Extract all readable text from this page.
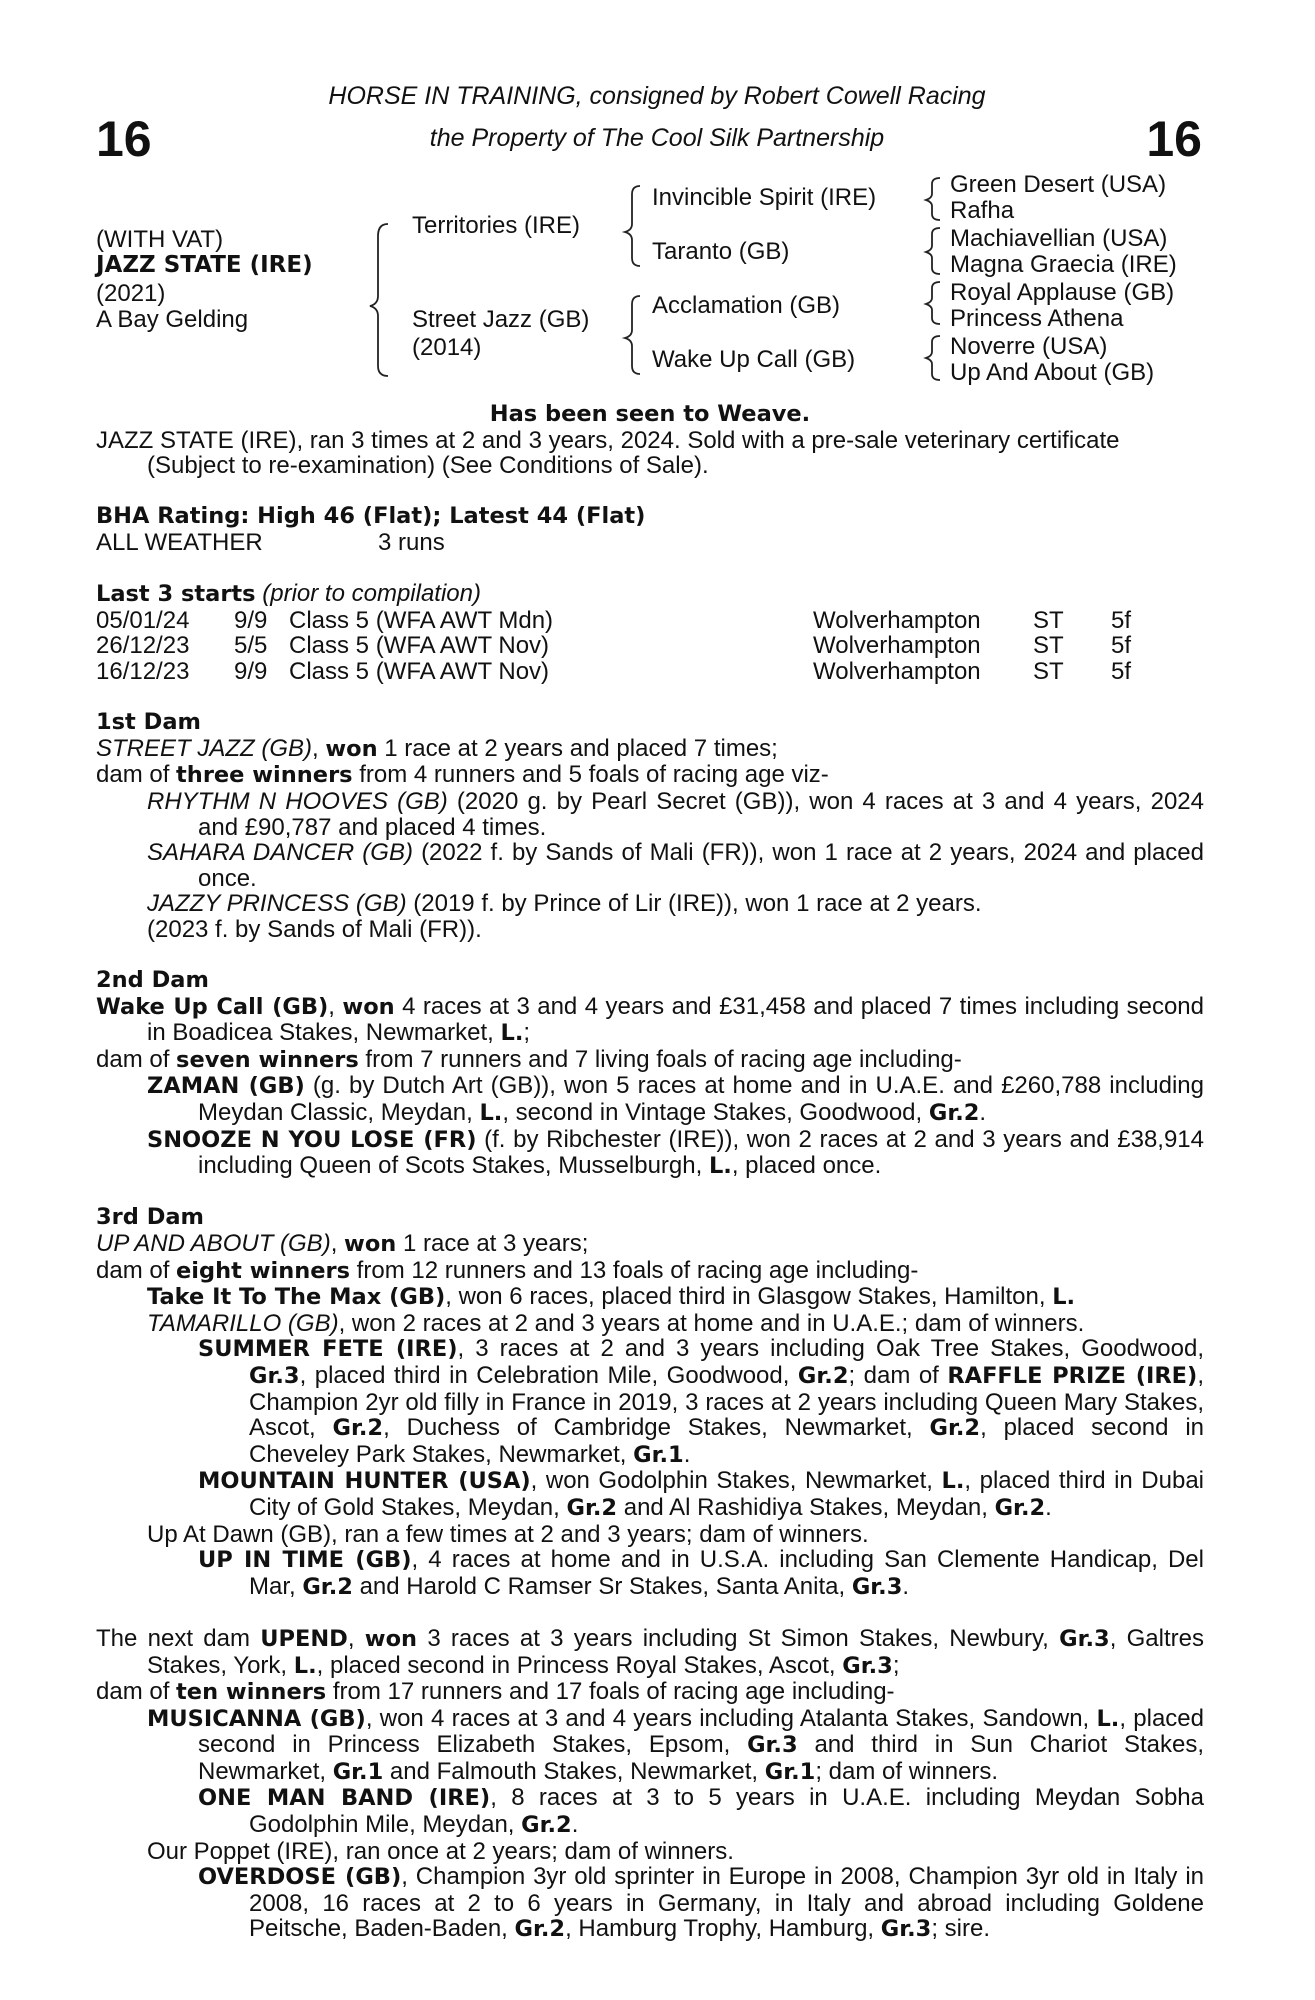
16	16
HORSE IN TRAINING, consigned by Robert Cowell Racing
the Property of The Cool Silk Partnership
(WITH VAT)
JAZZ STATE (IRE)
(2021)
A Bay Gelding
Territories (IRE)
Street Jazz (GB)
(2014)
Invincible Spirit (IRE)
Taranto (GB)
Acclamation (GB)
Wake Up Call (GB)
Green Desert (USA)
Rafha
Machiavellian (USA)
Magna Graecia (IRE)
Royal Applause (GB)
Princess Athena
Noverre (USA)
Up And About (GB)

Has been seen to Weave.

JAZZ STATE (IRE), ran 3 times at 2 and 3 years, 2024. Sold with a pre-sale veterinary certificate

(Subject to re-examination) (See Conditions of Sale).

BHA Rating: High 46 (Flat); Latest 44 (Flat)

ALL WEATHER	3 runs

Last 3 starts (prior to compilation)

05/01/24	9/9	Class 5 (WFA AWT Mdn)	Wolverhampton	ST	5f
26/12/23	5/5	Class 5 (WFA AWT Nov)	Wolverhampton	ST	5f
16/12/23	9/9	Class 5 (WFA AWT Nov)	Wolverhampton	ST	5f

1st Dam

STREET JAZZ (GB), won 1 race at 2 years and placed 7 times;

dam of three winners from 4 runners and 5 foals of racing age viz-

RHYTHM N HOOVES (GB) (2020 g. by Pearl Secret (GB)), won 4 races at 3 and 4 years, 2024 and £90,787 and placed 4 times.

SAHARA DANCER (GB) (2022 f. by Sands of Mali (FR)), won 1 race at 2 years, 2024 and placed once.

JAZZY PRINCESS (GB) (2019 f. by Prince of Lir (IRE)), won 1 race at 2 years.

(2023 f. by Sands of Mali (FR)).

2nd Dam

Wake Up Call (GB), won 4 races at 3 and 4 years and £31,458 and placed 7 times including second in Boadicea Stakes, Newmarket, L.;

dam of seven winners from 7 runners and 7 living foals of racing age including-

ZAMAN (GB) (g. by Dutch Art (GB)), won 5 races at home and in U.A.E. and £260,788 including Meydan Classic, Meydan, L., second in Vintage Stakes, Goodwood, Gr.2.

SNOOZE N YOU LOSE (FR) (f. by Ribchester (IRE)), won 2 races at 2 and 3 years and £38,914 including Queen of Scots Stakes, Musselburgh, L., placed once.

3rd Dam

UP AND ABOUT (GB), won 1 race at 3 years;

dam of eight winners from 12 runners and 13 foals of racing age including-

Take It To The Max (GB), won 6 races, placed third in Glasgow Stakes, Hamilton, L.

TAMARILLO (GB), won 2 races at 2 and 3 years at home and in U.A.E.; dam of winners.

SUMMER FETE (IRE), 3 races at 2 and 3 years including Oak Tree Stakes, Goodwood, Gr.3, placed third in Celebration Mile, Goodwood, Gr.2; dam of RAFFLE PRIZE (IRE), Champion 2yr old filly in France in 2019, 3 races at 2 years including Queen Mary Stakes, Ascot, Gr.2, Duchess of Cambridge Stakes, Newmarket, Gr.2, placed second in Cheveley Park Stakes, Newmarket, Gr.1.

MOUNTAIN HUNTER (USA), won Godolphin Stakes, Newmarket, L., placed third in Dubai City of Gold Stakes, Meydan, Gr.2 and Al Rashidiya Stakes, Meydan, Gr.2.

Up At Dawn (GB), ran a few times at 2 and 3 years; dam of winners.

UP IN TIME (GB), 4 races at home and in U.S.A. including San Clemente Handicap, Del Mar, Gr.2 and Harold C Ramser Sr Stakes, Santa Anita, Gr.3.

The next dam UPEND, won 3 races at 3 years including St Simon Stakes, Newbury, Gr.3, Galtres Stakes, York, L., placed second in Princess Royal Stakes, Ascot, Gr.3;

dam of ten winners from 17 runners and 17 foals of racing age including-

MUSICANNA (GB), won 4 races at 3 and 4 years including Atalanta Stakes, Sandown, L., placed second in Princess Elizabeth Stakes, Epsom, Gr.3 and third in Sun Chariot Stakes, Newmarket, Gr.1 and Falmouth Stakes, Newmarket, Gr.1; dam of winners.

ONE MAN BAND (IRE), 8 races at 3 to 5 years in U.A.E. including Meydan Sobha Godolphin Mile, Meydan, Gr.2.

Our Poppet (IRE), ran once at 2 years; dam of winners.

OVERDOSE (GB), Champion 3yr old sprinter in Europe in 2008, Champion 3yr old in Italy in 2008, 16 races at 2 to 6 years in Germany, in Italy and abroad including Goldene Peitsche, Baden-Baden, Gr.2, Hamburg Trophy, Hamburg, Gr.3; sire.
